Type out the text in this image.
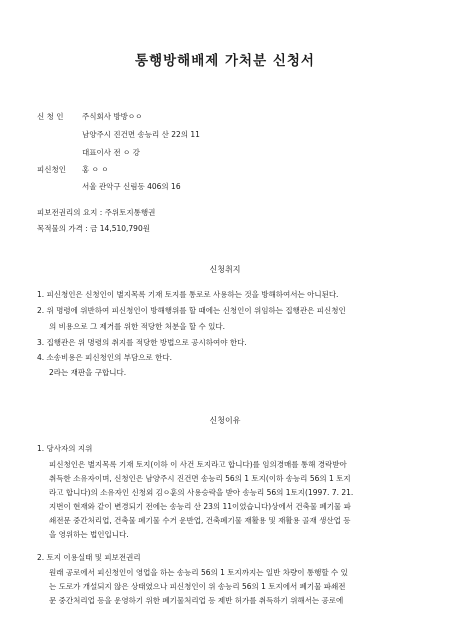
통행방해배제 가처분 신청서
신 청 인 주식회사 방방ㅇㅇ
남양주시 진건면 송능리 산 22의 11
대표이사 전 ㅇ 강
피신청인 홍 ㅇ ㅇ
서울 관악구 신림동 406의 16
피보전권리의 요지 : 주위토지통행권
목적물의 가격 : 금 14,510,790원
신청취지
1. 피신청인은 신청인이 별지목록 기재 토지를 통로로 사용하는 것을 방해하여서는 아니된다.
2. 위 명령에 위반하여 피신청인이 방해행위를 할 때에는 신청인이 위임하는 집행관은 피신청인
의 비용으로 그 제거를 위한 적당한 처분을 할 수 있다.
3. 집행관은 위 명령의 취지를 적당한 방법으로 공시하여야 한다.
4. 소송비용은 피신청인의 부담으로 한다.
2라는 재판을 구합니다.
신청이유
1. 당사자의 지위
피신청인은 별지목록 기재 토지(이하 이 사건 토지라고 합니다)를 임의경매를 통해 경락받아
취득한 소유자이며, 신청인은 남양주시 진건면 송능리 56의 1 토지(이하 송능리 56의 1 토지
라고 합니다)의 소유자인 신청외 김ㅇ훈의 사용승락을 받아 송능리 56의 1토지(1997. 7. 21.
지번이 현재와 같이 변경되기 전에는 송능리 산 23의 11이었습니다)상에서 건축물 폐기물 파
쇄전문 중간처리업, 건축물 폐기물 수거 운반업, 건축폐기물 재활용 및 재활용 골재 생산업 등
을 영위하는 법인입니다.
2. 토지 이용실태 및 피보전권리
원래 공로에서 피신청인이 영업을 하는 송능리 56의 1 토지까지는 일반 차량이 통행할 수 있
는 도로가 개설되지 않은 상태였으나 피신청인이 위 송능리 56의 1 토지에서 폐기물 파쇄전
문 중간처리업 등을 운영하기 위한 폐기물처리업 등 제반 허가를 취득하기 위해서는 공로에
